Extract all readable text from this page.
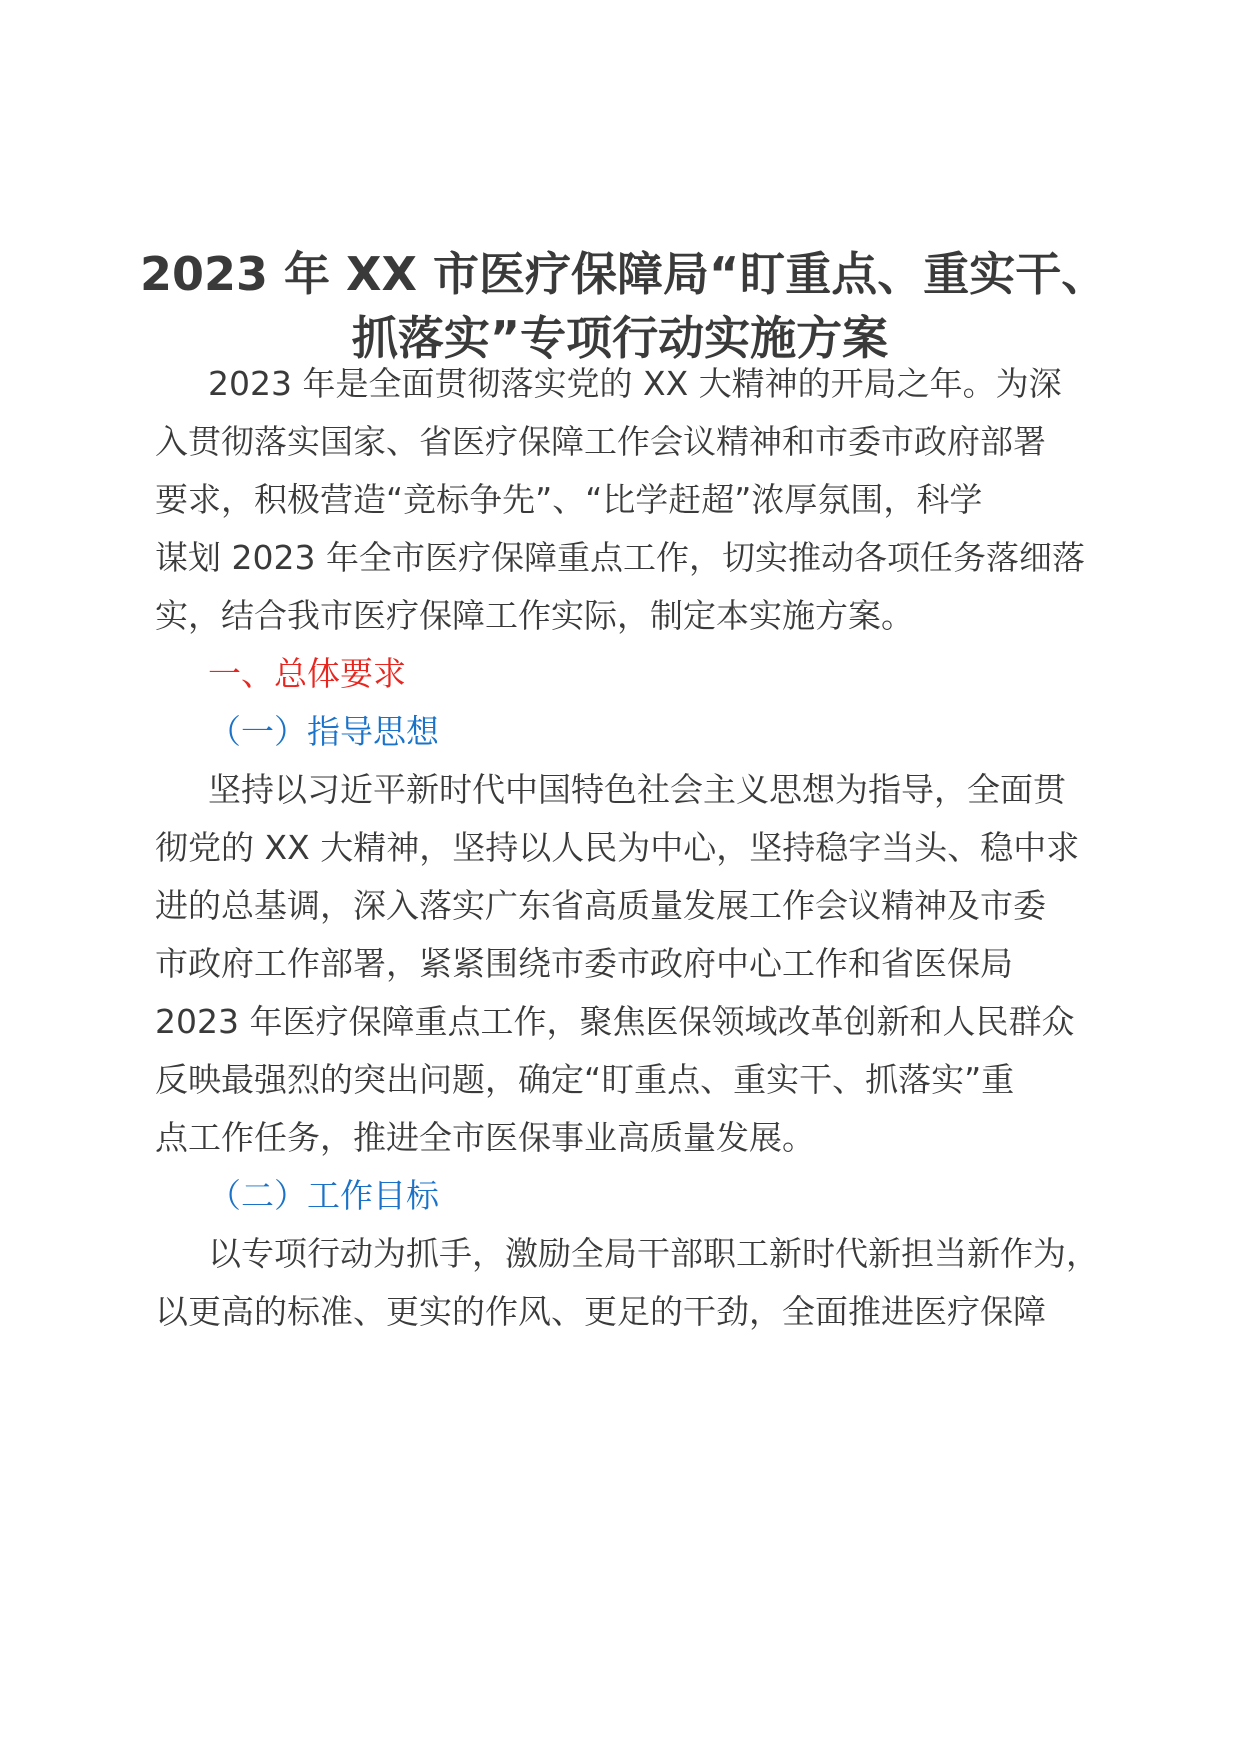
2023 年 XX 市医疗保障局“盯重点、重实干、
抓落实”专项行动实施方案
2023 年是全面贯彻落实党的 XX 大精神的开局之年。为深
入贯彻落实国家、省医疗保障工作会议精神和市委市政府部署
要求，积极营造“竞标争先”、“比学赶超”浓厚氛围，科学
谋划 2023 年全市医疗保障重点工作，切实推动各项任务落细落
实，结合我市医疗保障工作实际，制定本实施方案。
一、总体要求
（一）指导思想
坚持以习近平新时代中国特色社会主义思想为指导，全面贯
彻党的 XX 大精神，坚持以人民为中心，坚持稳字当头、稳中求
进的总基调，深入落实广东省高质量发展工作会议精神及市委
市政府工作部署，紧紧围绕市委市政府中心工作和省医保局
2023 年医疗保障重点工作，聚焦医保领域改革创新和人民群众
反映最强烈的突出问题，确定“盯重点、重实干、抓落实”重
点工作任务，推进全市医保事业高质量发展。
（二）工作目标
以专项行动为抓手，激励全局干部职工新时代新担当新作为，
以更高的标准、更实的作风、更足的干劲，全面推进医疗保障
